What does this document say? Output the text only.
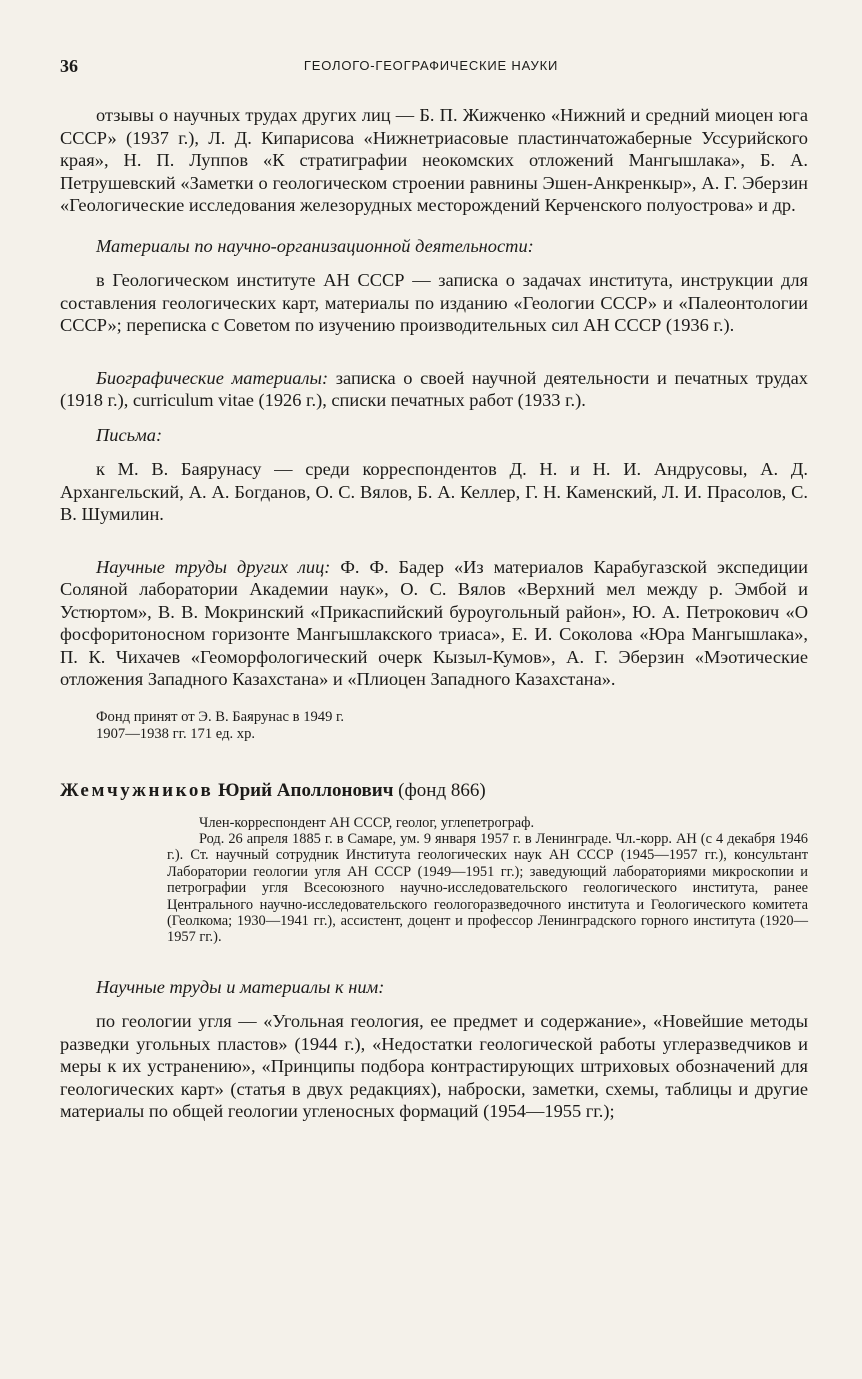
36	ГЕОЛОГО-ГЕОГРАФИЧЕСКИЕ НАУКИ

отзывы о научных трудах других лиц — Б. П. Жижченко «Нижний и средний миоцен юга СССР» (1937 г.), Л. Д. Кипарисова «Нижнетриасовые пластинчатожаберные Уссурийского края», Н. П. Луппов «К стратиграфии неокомских отложений Мангышлака», Б. А. Петрушевский «Заметки о геологическом строении равнины Эшен-Анкренкыр», А. Г. Эберзин «Геологические исследования железорудных месторождений Керченского полуострова» и др.

Материалы по научно-организационной деятельности:

в Геологическом институте АН СССР — записка о задачах института, инструкции для составления геологических карт, материалы по изданию «Геологии СССР» и «Палеонтологии СССР»; переписка с Советом по изучению производительных сил АН СССР (1936 г.).

Биографические материалы: записка о своей научной деятельности и печатных трудах (1918 г.), curriculum vitae (1926 г.), списки печатных работ (1933 г.).

Письма:

к М. В. Баярунасу — среди корреспондентов Д. Н. и Н. И. Андрусовы, А. Д. Архангельский, А. А. Богданов, О. С. Вялов, Б. А. Келлер, Г. Н. Каменский, Л. И. Прасолов, С. В. Шумилин.

Научные труды других лиц: Ф. Ф. Бадер «Из материалов Карабугазской экспедиции Соляной лаборатории Академии наук», О. С. Вялов «Верхний мел между р. Эмбой и Устюртом», В. В. Мокринский «Прикаспийский буроугольный район», Ю. А. Петрокович «О фосфоритоносном горизонте Мангышлакского триаса», Е. И. Соколова «Юра Мангышлака», П. К. Чихачев «Геоморфологический очерк Кызыл-Кумов», А. Г. Эберзин «Мэотические отложения Западного Казахстана» и «Плиоцен Западного Казахстана».

Фонд принят от Э. В. Баярунас в 1949 г.

1907—1938 гг. 171 ед. хр.

Жемчужников Юрий Аполлонович (фонд 866)

Член-корреспондент АН СССР, геолог, углепетрограф.

Род. 26 апреля 1885 г. в Самаре, ум. 9 января 1957 г. в Ленинграде. Чл.-корр. АН (с 4 декабря 1946 г.). Ст. научный сотрудник Института геологических наук АН СССР (1945—1957 гг.), консультант Лаборатории геологии угля АН СССР (1949—1951 гг.); заведующий лабораториями микроскопии и петрографии угля Всесоюзного научно-исследовательского геологического института, ранее Центрального научно-исследовательского геологоразведочного института и Геологического комитета (Геолкома; 1930—1941 гг.), ассистент, доцент и профессор Ленинградского горного института (1920—1957 гг.).

Научные труды и материалы к ним:

по геологии угля — «Угольная геология, ее предмет и содержание», «Новейшие методы разведки угольных пластов» (1944 г.), «Недостатки геологической работы углеразведчиков и меры к их устранению», «Принципы подбора контрастирующих штриховых обозначений для геологических карт» (статья в двух редакциях), наброски, заметки, схемы, таблицы и другие материалы по общей геологии угленосных формаций (1954—1955 гг.);
